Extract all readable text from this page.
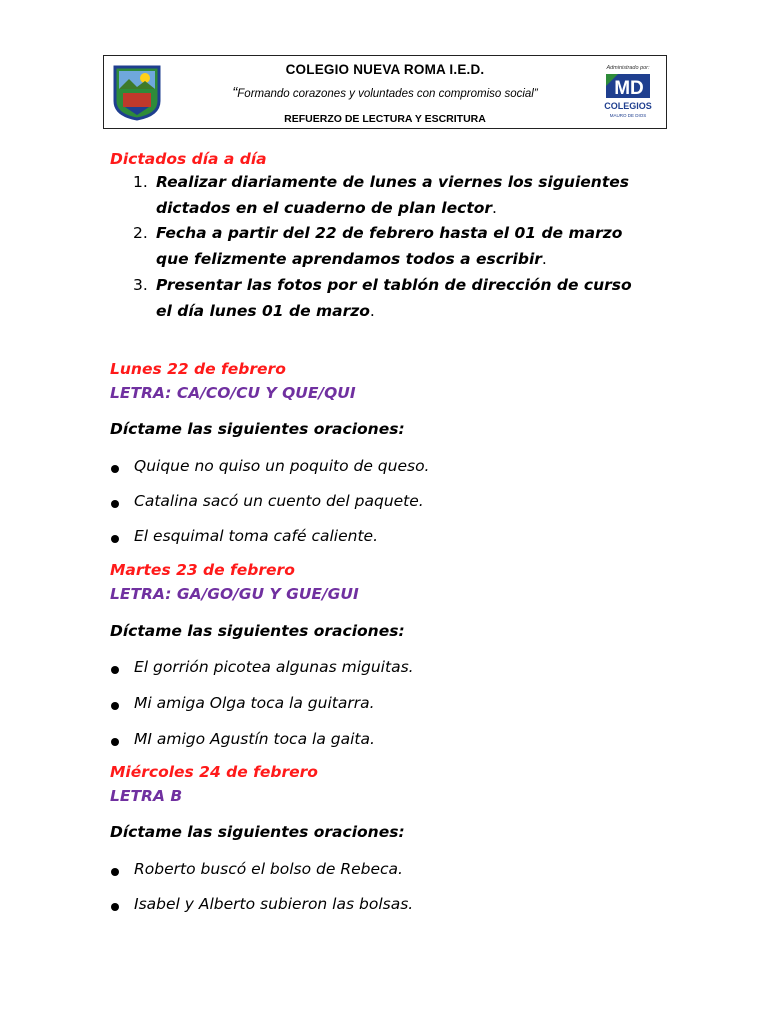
COLEGIO NUEVA ROMA I.E.D.
“Formando corazones y voluntades con compromiso social”
REFUERZO DE LECTURA Y ESCRITURA
Administrado por:
MD
COLEGIOS
MAURO DE DIOS
Dictados día a día
1. Realizar diariamente de lunes a viernes los siguientes
dictados en el cuaderno de plan lector.
2. Fecha a partir del 22 de febrero hasta el 01 de marzo
que felizmente aprendamos todos a escribir.
3. Presentar las fotos por el tablón de dirección de curso
el día lunes 01 de marzo.
Lunes 22 de febrero
LETRA: CA/CO/CU Y QUE/QUI
Díctame las siguientes oraciones:
Quique no quiso un poquito de queso.
Catalina sacó un cuento del paquete.
El esquimal toma café caliente.
Martes 23 de febrero
LETRA: GA/GO/GU Y GUE/GUI
Díctame las siguientes oraciones:
El gorrión picotea algunas miguitas.
Mi amiga Olga toca la guitarra.
MI amigo Agustín toca la gaita.
Miércoles 24 de febrero
LETRA B
Díctame las siguientes oraciones:
Roberto buscó el bolso de Rebeca.
Isabel y Alberto subieron las bolsas.
